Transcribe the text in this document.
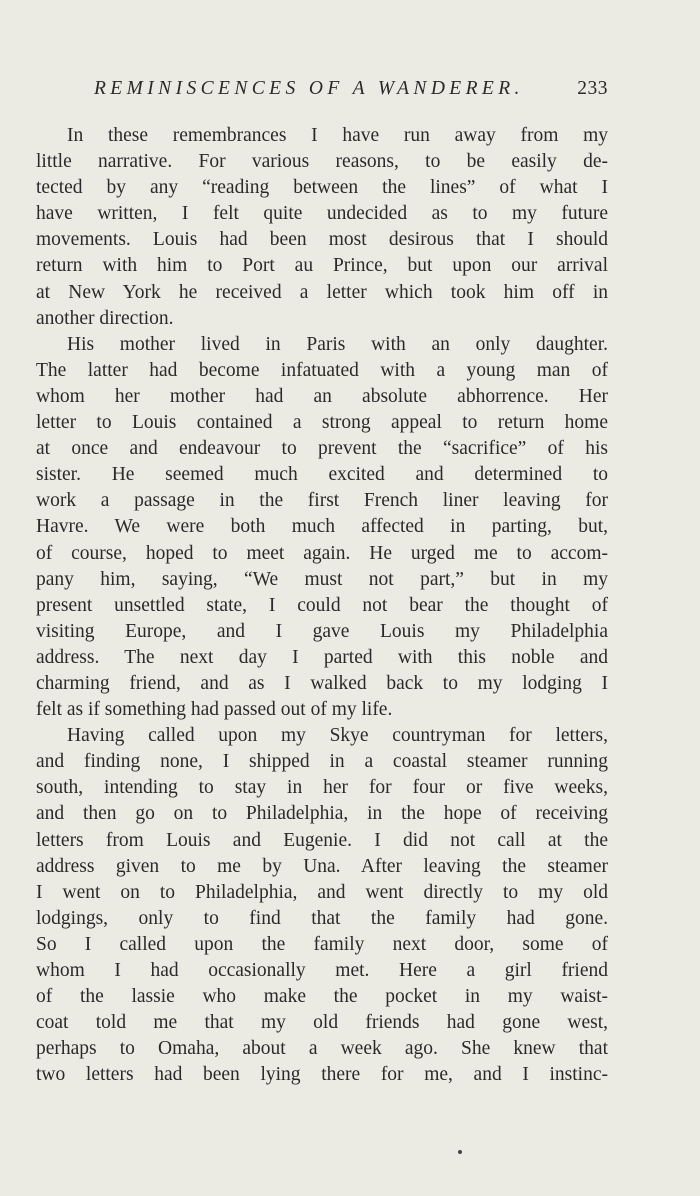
REMINISCENCES OF A WANDERER.	233
In these remembrances I have run away from my
little narrative. For various reasons, to be easily de-
tected by any “reading between the lines” of what I
have written, I felt quite undecided as to my future
movements. Louis had been most desirous that I should
return with him to Port au Prince, but upon our arrival
at New York he received a letter which took him off in
another direction.
His mother lived in Paris with an only daughter.
The latter had become infatuated with a young man of
whom her mother had an absolute abhorrence. Her
letter to Louis contained a strong appeal to return home
at once and endeavour to prevent the “sacrifice” of his
sister. He seemed much excited and determined to
work a passage in the first French liner leaving for
Havre. We were both much affected in parting, but,
of course, hoped to meet again. He urged me to accom-
pany him, saying, “We must not part,” but in my
present unsettled state, I could not bear the thought of
visiting Europe, and I gave Louis my Philadelphia
address. The next day I parted with this noble and
charming friend, and as I walked back to my lodging I
felt as if something had passed out of my life.
Having called upon my Skye countryman for letters,
and finding none, I shipped in a coastal steamer running
south, intending to stay in her for four or five weeks,
and then go on to Philadelphia, in the hope of receiving
letters from Louis and Eugenie. I did not call at the
address given to me by Una. After leaving the steamer
I went on to Philadelphia, and went directly to my old
lodgings, only to find that the family had gone.
So I called upon the family next door, some of
whom I had occasionally met. Here a girl friend
of the lassie who make the pocket in my waist-
coat told me that my old friends had gone west,
perhaps to Omaha, about a week ago. She knew that
two letters had been lying there for me, and I instinc-
